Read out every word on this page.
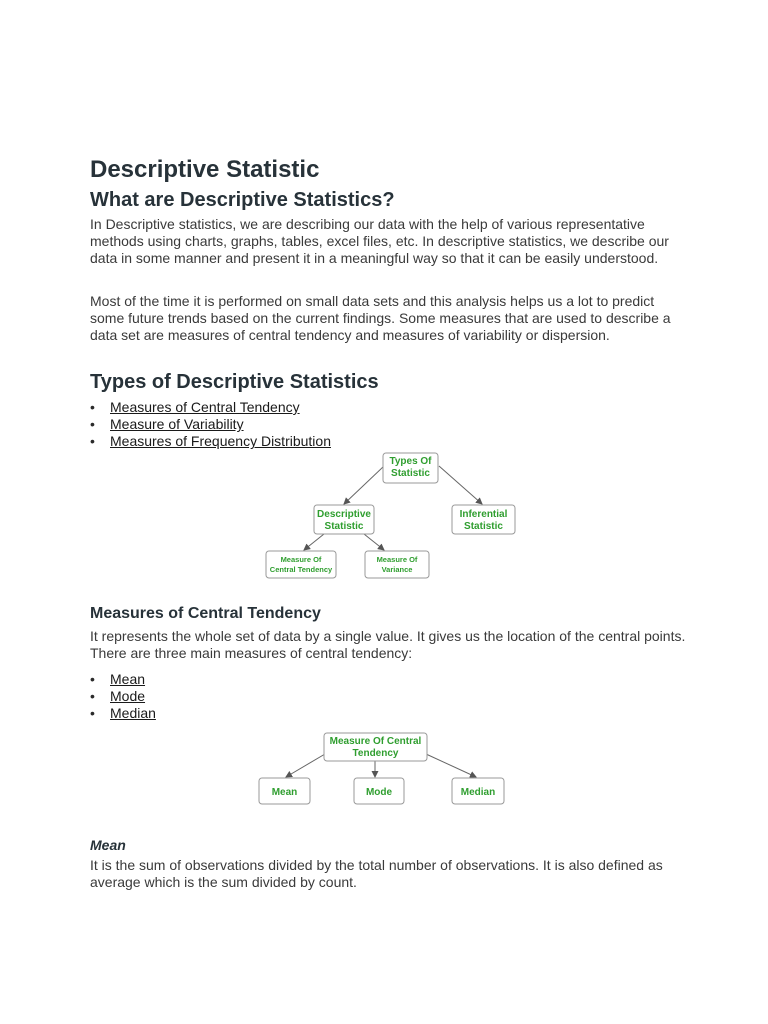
Descriptive Statistic
What are Descriptive Statistics?

In Descriptive statistics, we are describing our data with the help of various representative methods using charts, graphs, tables, excel files, etc. In descriptive statistics, we describe our data in some manner and present it in a meaningful way so that it can be easily understood.

Most of the time it is performed on small data sets and this analysis helps us a lot to predict some future trends based on the current findings. Some measures that are used to describe a data set are measures of central tendency and measures of variability or dispersion.

Types of Descriptive Statistics
• Measures of Central Tendency
• Measure of Variability
• Measures of Frequency Distribution
Types Of
Statistic
Descriptive
Statistic
Inferential
Statistic
Measure Of
Central Tendency
Measure Of
Variance
Measures of Central Tendency

It represents the whole set of data by a single value. It gives us the location of the central points. There are three main measures of central tendency:

• Mean
• Mode
• Median
Measure Of Central
Tendency
Mean	Mode	Median
Mean

It is the sum of observations divided by the total number of observations. It is also defined as average which is the sum divided by count.
